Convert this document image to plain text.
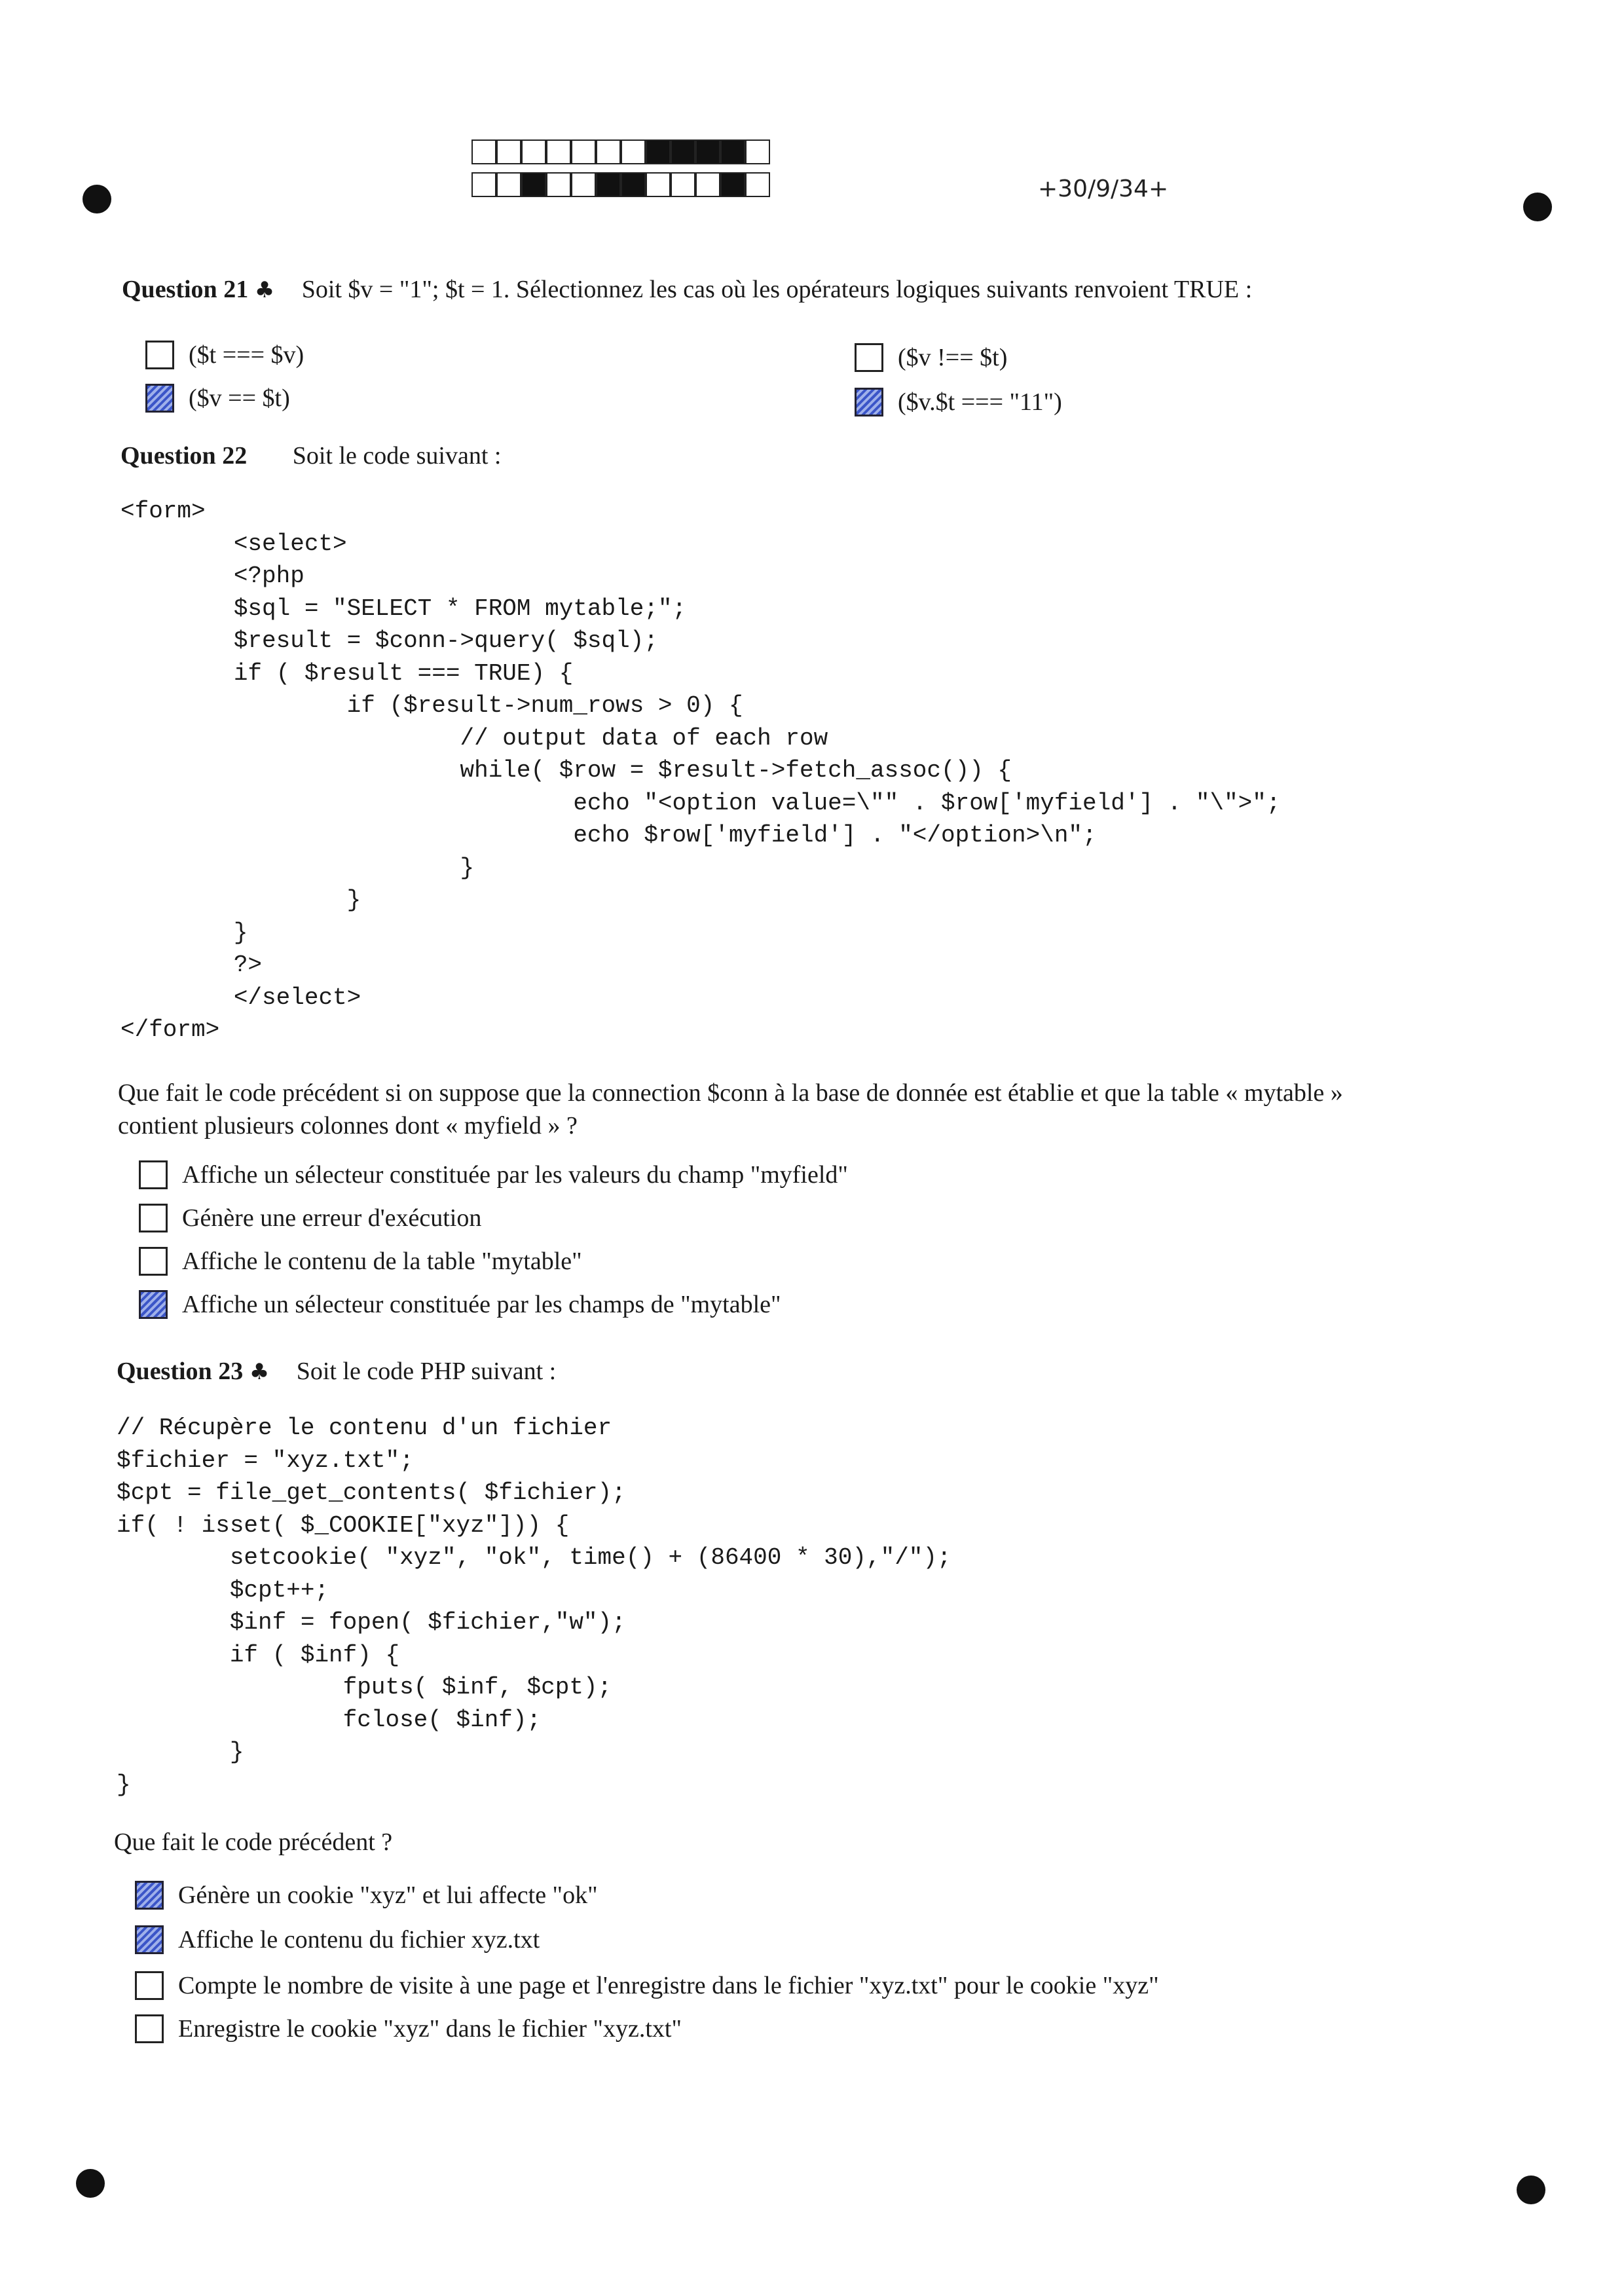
+30/9/34+
Question 21 ♣ Soit $v = "1"; $t = 1. Sélectionnez les cas où les opérateurs logiques suivants renvoient TRUE :
($t === $v)	($v !== $t)
($v == $t)	($v.$t === "11")
Question 22 Soit le code suivant :
<form>
<select>
<?php
$sql = "SELECT * FROM mytable;";
$result = $conn->query( $sql);
if ( $result === TRUE) {
if ($result->num_rows > 0) {
// output data of each row
while( $row = $result->fetch_assoc()) {
echo "<option value=\"" . $row['myfield'] . "\">";
echo $row['myfield'] . "</option>\n";
}
}
}
?>
</select>
</form>
Que fait le code précédent si on suppose que la connection $conn à la base de donnée est établie et que la table « mytable »
contient plusieurs colonnes dont « myfield » ?
Affiche un sélecteur constituée par les valeurs du champ "myfield"
Génère une erreur d'exécution
Affiche le contenu de la table "mytable"
Affiche un sélecteur constituée par les champs de "mytable"
Question 23 ♣ Soit le code PHP suivant :
// Récupère le contenu d'un fichier
$fichier = "xyz.txt";
$cpt = file_get_contents( $fichier);
if( ! isset( $_COOKIE["xyz"])) {
setcookie( "xyz", "ok", time() + (86400 * 30),"/");
$cpt++;
$inf = fopen( $fichier,"w");
if ( $inf) {
fputs( $inf, $cpt);
fclose( $inf);
}
}
Que fait le code précédent ?
Génère un cookie "xyz" et lui affecte "ok"
Affiche le contenu du fichier xyz.txt
Compte le nombre de visite à une page et l'enregistre dans le fichier "xyz.txt" pour le cookie "xyz"
Enregistre le cookie "xyz" dans le fichier "xyz.txt"
